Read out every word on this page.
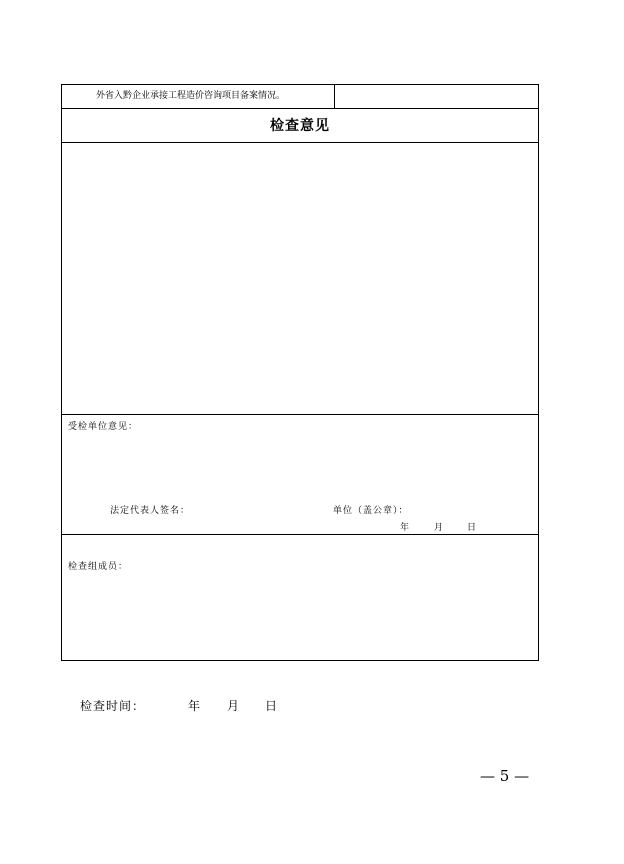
外省入黔企业承接工程造价咨询项目备案情况。
检查意见
受检单位意见：
法定代表人签名：	单位（盖公章）：
年	月	日
检查组成员：
检查时间：	年 月 日
— 5 —
